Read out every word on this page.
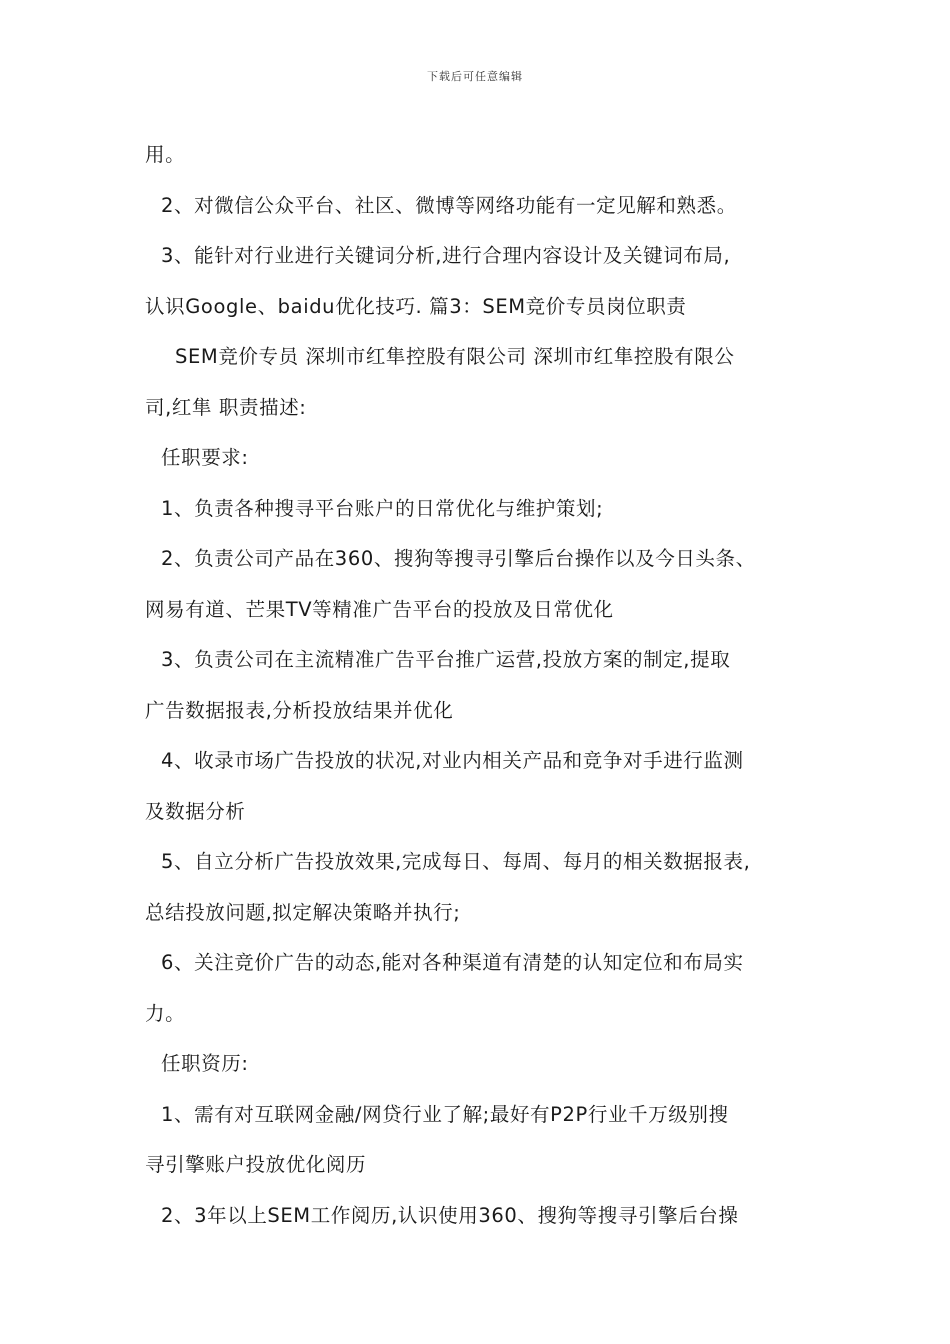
下载后可任意编辑
用。
2、对微信公众平台、社区、微博等网络功能有一定见解和熟悉。
3、能针对行业进行关键词分析,进行合理内容设计及关键词布局,
认识Google、baidu优化技巧. 篇3：SEM竞价专员岗位职责
SEM竞价专员 深圳市红隼控股有限公司 深圳市红隼控股有限公
司,红隼 职责描述:
任职要求:
1、负责各种搜寻平台账户的日常优化与维护策划;
2、负责公司产品在360、搜狗等搜寻引擎后台操作以及今日头条、
网易有道、芒果TV等精准广告平台的投放及日常优化
3、负责公司在主流精准广告平台推广运营,投放方案的制定,提取
广告数据报表,分析投放结果并优化
4、收录市场广告投放的状况,对业内相关产品和竞争对手进行监测
及数据分析
5、自立分析广告投放效果,完成每日、每周、每月的相关数据报表,
总结投放问题,拟定解决策略并执行;
6、关注竞价广告的动态,能对各种渠道有清楚的认知定位和布局实
力。
任职资历:
1、需有对互联网金融/网贷行业了解;最好有P2P行业千万级别搜
寻引擎账户投放优化阅历
2、3年以上SEM工作阅历,认识使用360、搜狗等搜寻引擎后台操
